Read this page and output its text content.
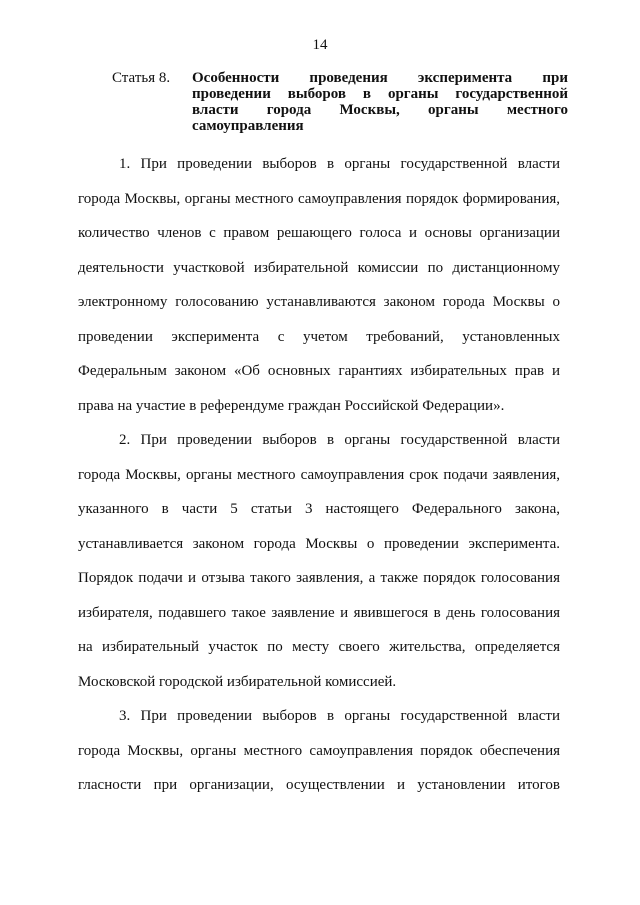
14
Статья 8.	Особенности проведения эксперимента при
проведении выборов в органы государственной
власти города Москвы, органы местного
самоуправления
1. При проведении выборов в органы государственной власти
города Москвы, органы местного самоуправления порядок формирования,
количество членов с правом решающего голоса и основы организации
деятельности участковой избирательной комиссии по дистанционному
электронному голосованию устанавливаются законом города Москвы о
проведении эксперимента с учетом требований, установленных
Федеральным законом «Об основных гарантиях избирательных прав и
права на участие в референдуме граждан Российской Федерации».
2. При проведении выборов в органы государственной власти
города Москвы, органы местного самоуправления срок подачи заявления,
указанного в части 5 статьи 3 настоящего Федерального закона,
устанавливается законом города Москвы о проведении эксперимента.
Порядок подачи и отзыва такого заявления, а также порядок голосования
избирателя, подавшего такое заявление и явившегося в день голосования
на избирательный участок по месту своего жительства, определяется
Московской городской избирательной комиссией.
3. При проведении выборов в органы государственной власти
города Москвы, органы местного самоуправления порядок обеспечения
гласности при организации, осуществлении и установлении итогов
